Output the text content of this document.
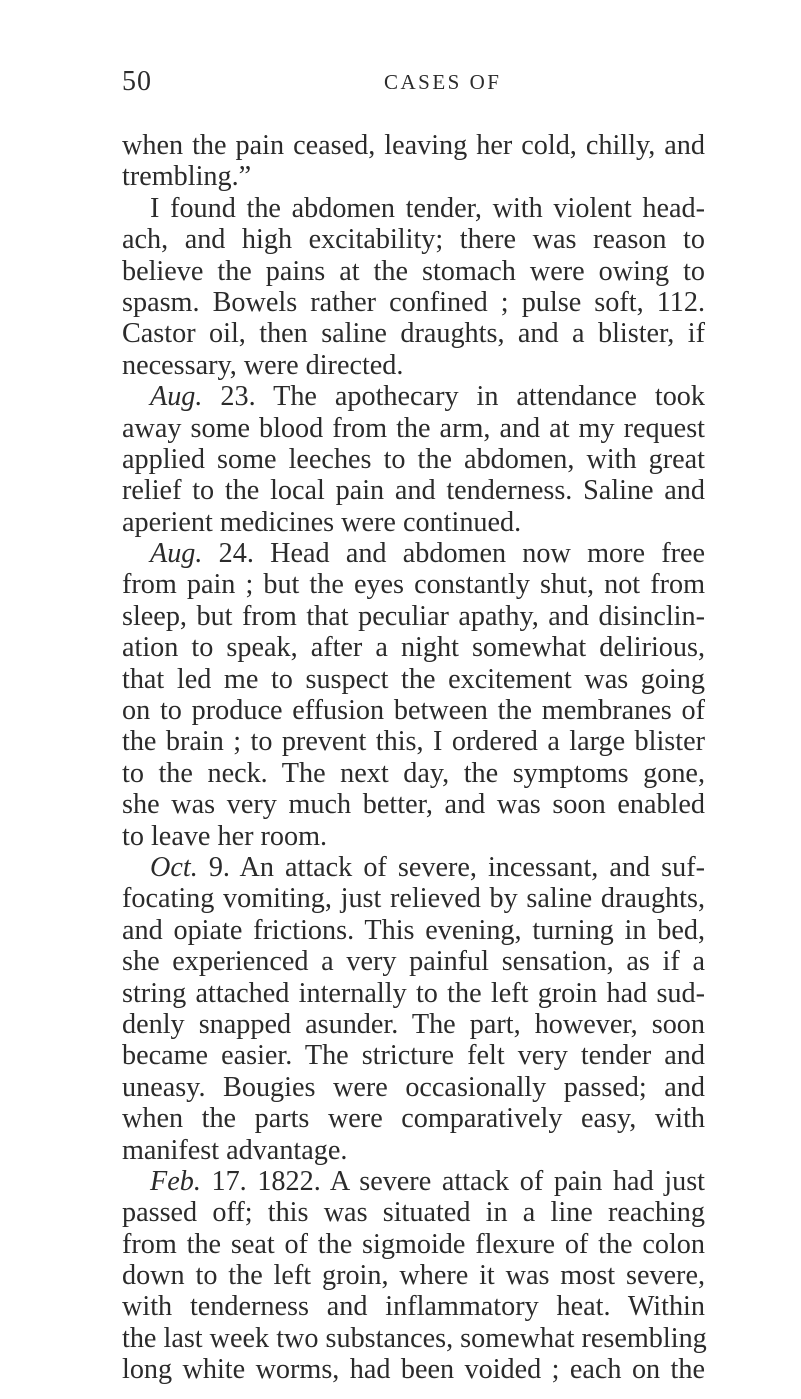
50	CASES OF
when the pain ceased, leaving her cold, chilly, and
trembling.”
I found the abdomen tender, with violent head-
ach, and high excitability; there was reason to
believe the pains at the stomach were owing to
spasm. Bowels rather confined ; pulse soft, 112.
Castor oil, then saline draughts, and a blister, if
necessary, were directed.
Aug. 23. The apothecary in attendance took
away some blood from the arm, and at my request
applied some leeches to the abdomen, with great
relief to the local pain and tenderness. Saline and
aperient medicines were continued.
Aug. 24. Head and abdomen now more free
from pain ; but the eyes constantly shut, not from
sleep, but from that peculiar apathy, and disinclin-
ation to speak, after a night somewhat delirious,
that led me to suspect the excitement was going
on to produce effusion between the membranes of
the brain ; to prevent this, I ordered a large blister
to the neck. The next day, the symptoms gone,
she was very much better, and was soon enabled
to leave her room.
Oct. 9. An attack of severe, incessant, and suf-
focating vomiting, just relieved by saline draughts,
and opiate frictions. This evening, turning in bed,
she experienced a very painful sensation, as if a
string attached internally to the left groin had sud-
denly snapped asunder. The part, however, soon
became easier. The stricture felt very tender and
uneasy. Bougies were occasionally passed; and
when the parts were comparatively easy, with
manifest advantage.
Feb. 17. 1822. A severe attack of pain had just
passed off; this was situated in a line reaching
from the seat of the sigmoide flexure of the colon
down to the left groin, where it was most severe,
with tenderness and inflammatory heat. Within
the last week two substances, somewhat resembling
long white worms, had been voided ; each on the
